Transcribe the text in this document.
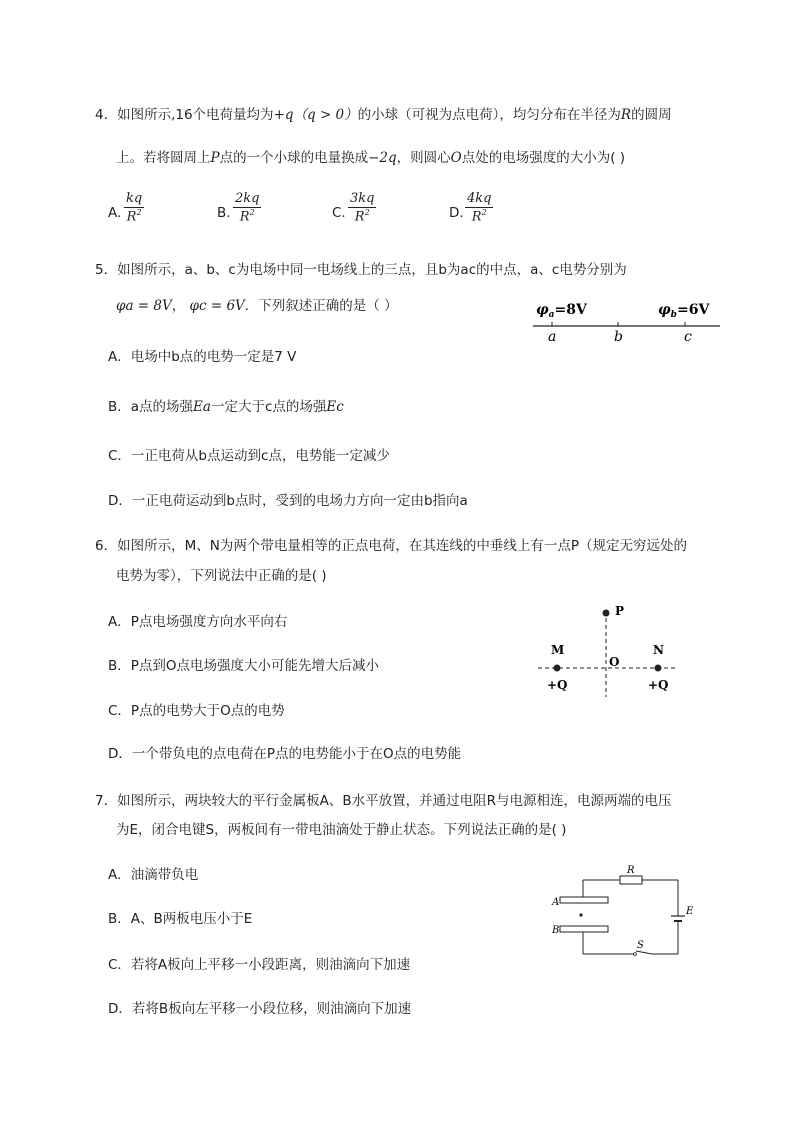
4．如图所示,16个电荷量均为+q（q > 0）的小球（可视为点电荷），均匀分布在半径为R的圆周
上。若将圆周上P点的一个小球的电量换成−2q，则圆心O点处的电场强度的大小为( )
A. $\frac{kq}{R^2}$	B. $\frac{2kq}{R^2}$	C. $\frac{3kq}{R^2}$	D. $\frac{4kq}{R^2}$
5．如图所示，a、b、c为电场中同一电场线上的三点，且b为ac的中点，a、c电势分别为
φa = 8V， φc = 6V．下列叙述正确的是（ ）
A．电场中b点的电势一定是7 V
B．a点的场强Ea一定大于c点的场强Ec
C．一正电荷从b点运动到c点，电势能一定减少
D．一正电荷运动到b点时，受到的电场力方向一定由b指向a
$\varphi_a=8V$	$\varphi_b=6V$
a	b	c
6．如图所示，M、N为两个带电量相等的正点电荷，在其连线的中垂线上有一点P（规定无穷远处的
电势为零），下列说法中正确的是( )
A．P点电场强度方向水平向右
B．P点到O点电场强度大小可能先增大后减小
C．P点的电势大于O点的电势
D．一个带负电的点电荷在P点的电势能小于在O点的电势能
P
M	N
O
+Q	+Q
7．如图所示，两块较大的平行金属板A、B水平放置，并通过电阻R与电源相连，电源两端的电压
为E，闭合电键S，两板间有一带电油滴处于静止状态。下列说法正确的是( )
A．油滴带负电
B．A、B两板电压小于E
C．若将A板向上平移一小段距离，则油滴向下加速
D．若将B板向左平移一小段位移，则油滴向下加速
R
A
B
E
S
